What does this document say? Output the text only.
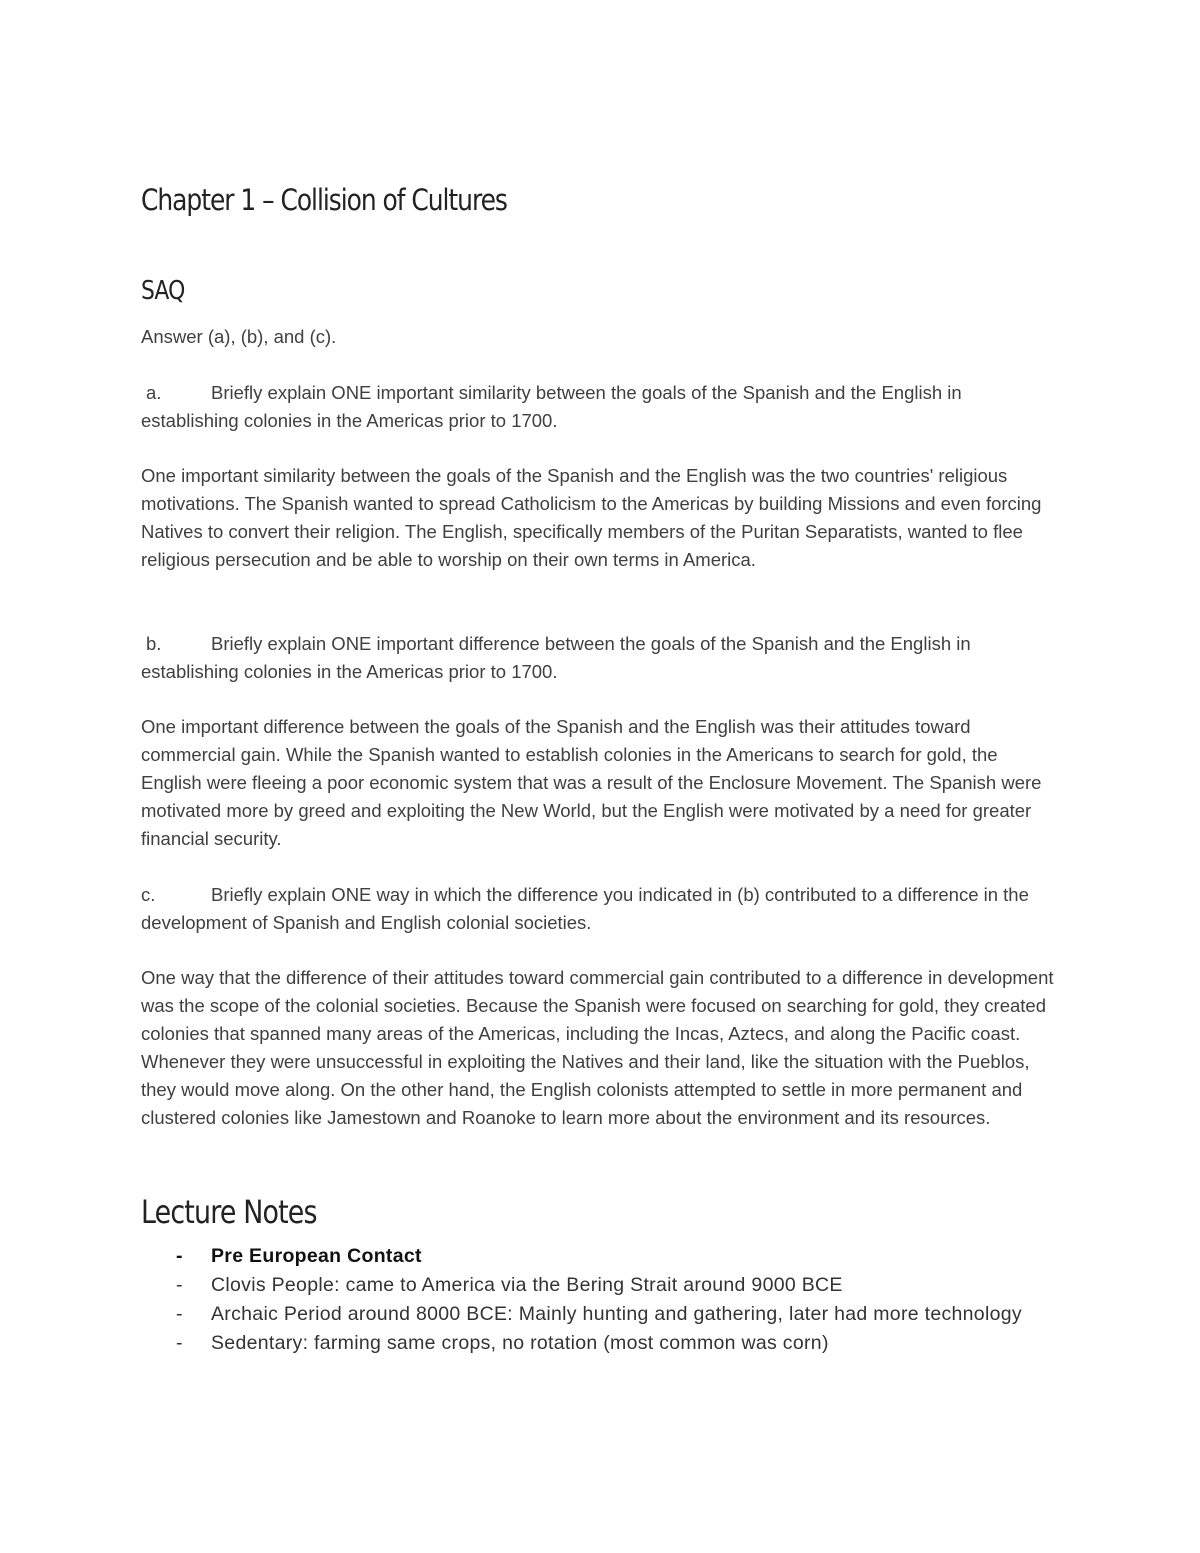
Chapter 1 – Collision of Cultures
SAQ

Answer (a), (b), and (c).

a.	Briefly explain ONE important similarity between the goals of the Spanish and the English in establishing colonies in the Americas prior to 1700.

One important similarity between the goals of the Spanish and the English was the two countries' religious motivations. The Spanish wanted to spread Catholicism to the Americas by building Missions and even forcing Natives to convert their religion. The English, specifically members of the Puritan Separatists, wanted to flee religious persecution and be able to worship on their own terms in America.

b.	Briefly explain ONE important difference between the goals of the Spanish and the English in establishing colonies in the Americas prior to 1700.

One important difference between the goals of the Spanish and the English was their attitudes toward commercial gain. While the Spanish wanted to establish colonies in the Americans to search for gold, the English were fleeing a poor economic system that was a result of the Enclosure Movement. The Spanish were motivated more by greed and exploiting the New World, but the English were motivated by a need for greater financial security.

c.	Briefly explain ONE way in which the difference you indicated in (b) contributed to a difference in the development of Spanish and English colonial societies.

One way that the difference of their attitudes toward commercial gain contributed to a difference in development was the scope of the colonial societies. Because the Spanish were focused on searching for gold, they created colonies that spanned many areas of the Americas, including the Incas, Aztecs, and along the Pacific coast. Whenever they were unsuccessful in exploiting the Natives and their land, like the situation with the Pueblos, they would move along. On the other hand, the English colonists attempted to settle in more permanent and clustered colonies like Jamestown and Roanoke to learn more about the environment and its resources.

Lecture Notes
- Pre European Contact
- Clovis People: came to America via the Bering Strait around 9000 BCE
- Archaic Period around 8000 BCE: Mainly hunting and gathering, later had more technology
- Sedentary: farming same crops, no rotation (most common was corn)
